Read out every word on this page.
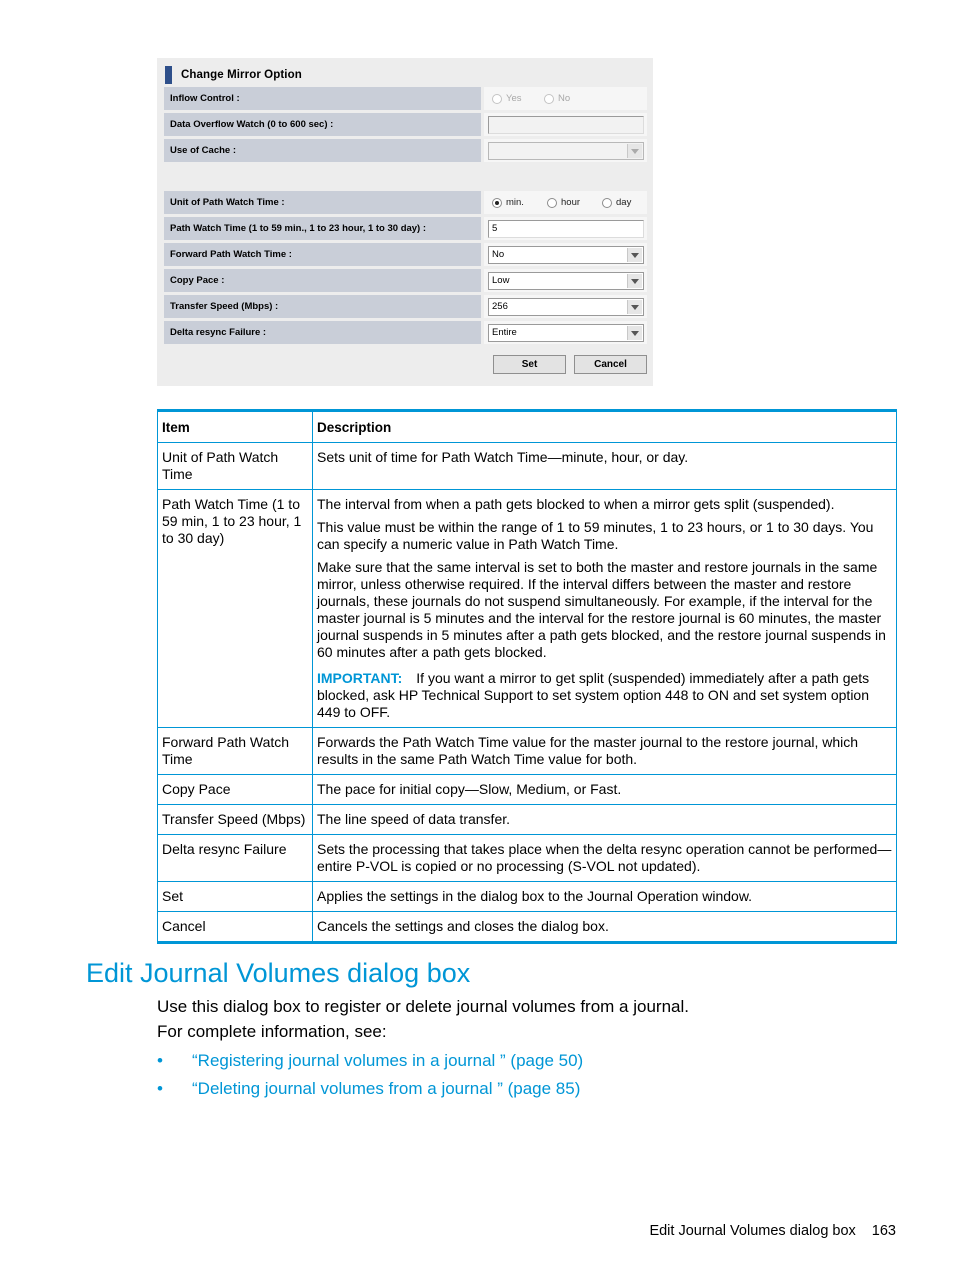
Change Mirror Option
Inflow Control :	Yes	No
Data Overflow Watch (0 to 600 sec) :
Use of Cache :
Unit of Path Watch Time :	min.	hour	day
Path Watch Time (1 to 59 min., 1 to 23 hour, 1 to 30 day) :	5
Forward Path Watch Time :	No
Copy Pace :	Low
Transfer Speed (Mbps) :	256
Delta resync Failure :	Entire
Set	Cancel
Item	Description
Unit of Path Watch Time	Sets unit of time for Path Watch Time—minute, hour, or day.

Path Watch Time (1 to 59 min, 1 to 23 hour, 1 to 30 day)	The interval from when a path gets blocked to when a mirror gets split (suspended).

This value must be within the range of 1 to 59 minutes, 1 to 23 hours, or 1 to 30 days. You can specify a numeric value in Path Watch Time.

Make sure that the same interval is set to both the master and restore journals in the same mirror, unless otherwise required. If the interval differs between the master and restore journals, these journals do not suspend simultaneously. For example, if the interval for the master journal is 5 minutes and the interval for the restore journal is 60 minutes, the master journal suspends in 5 minutes after a path gets blocked, and the restore journal suspends in 60 minutes after a path gets blocked.

IMPORTANT: If you want a mirror to get split (suspended) immediately after a path gets blocked, ask HP Technical Support to set system option 448 to ON and set system option 449 to OFF.

Forward Path Watch Time	Forwards the Path Watch Time value for the master journal to the restore journal, which results in the same Path Watch Time value for both.

Copy Pace	The pace for initial copy—Slow, Medium, or Fast.

Transfer Speed (Mbps)	The line speed of data transfer.

Delta resync Failure	Sets the processing that takes place when the delta resync operation cannot be performed—entire P-VOL is copied or no processing (S-VOL not updated).

Set	Applies the settings in the dialog box to the Journal Operation window.

Cancel	Cancels the settings and closes the dialog box.

Edit Journal Volumes dialog box
Use this dialog box to register or delete journal volumes from a journal.
For complete information, see:
•	“Registering journal volumes in a journal ” (page 50)
•	“Deleting journal volumes from a journal ” (page 85)
Edit Journal Volumes dialog box 163
